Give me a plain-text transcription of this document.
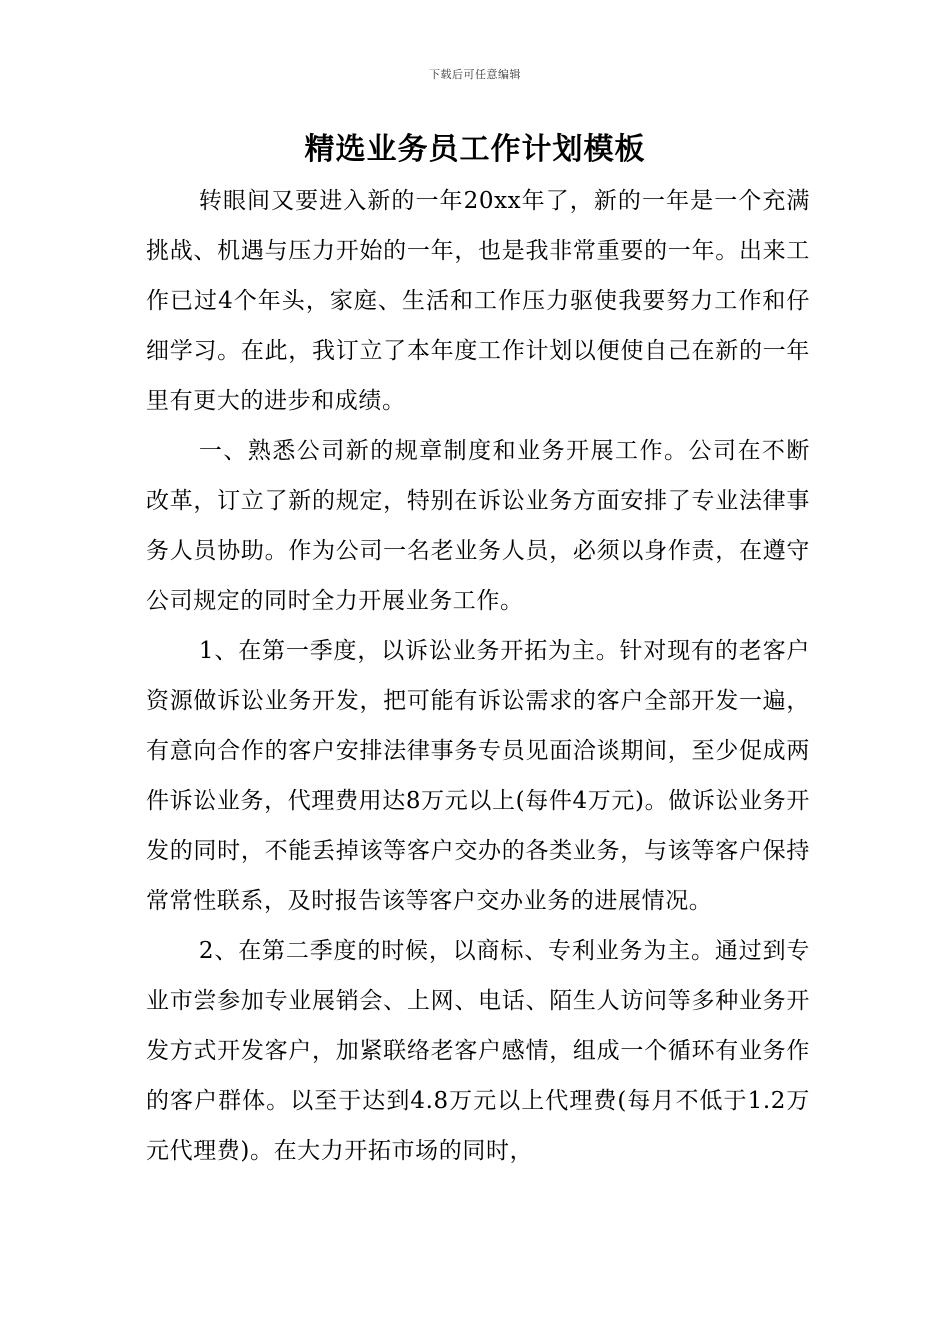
下载后可任意编辑
精选业务员工作计划模板

转眼间又要进入新的一年20xx年了，新的一年是一个充满挑战、机遇与压力开始的一年，也是我非常重要的一年。出来工作已过4个年头，家庭、生活和工作压力驱使我要努力工作和仔细学习。在此，我订立了本年度工作计划以便使自己在新的一年里有更大的进步和成绩。

一、熟悉公司新的规章制度和业务开展工作。公司在不断改革，订立了新的规定，特别在诉讼业务方面安排了专业法律事务人员协助。作为公司一名老业务人员，必须以身作责，在遵守公司规定的同时全力开展业务工作。

1、在第一季度，以诉讼业务开拓为主。针对现有的老客户资源做诉讼业务开发，把可能有诉讼需求的客户全部开发一遍，有意向合作的客户安排法律事务专员见面洽谈期间，至少促成两件诉讼业务，代理费用达8万元以上(每件4万元)。做诉讼业务开发的同时，不能丢掉该等客户交办的各类业务，与该等客户保持常常性联系，及时报告该等客户交办业务的进展情况。

2、在第二季度的时候，以商标、专利业务为主。通过到专业市尝参加专业展销会、上网、电话、陌生人访问等多种业务开发方式开发客户，加紧联络老客户感情，组成一个循环有业务作的客户群体。以至于达到4.8万元以上代理费(每月不低于1.2万元代理费)。在大力开拓市场的同时，
